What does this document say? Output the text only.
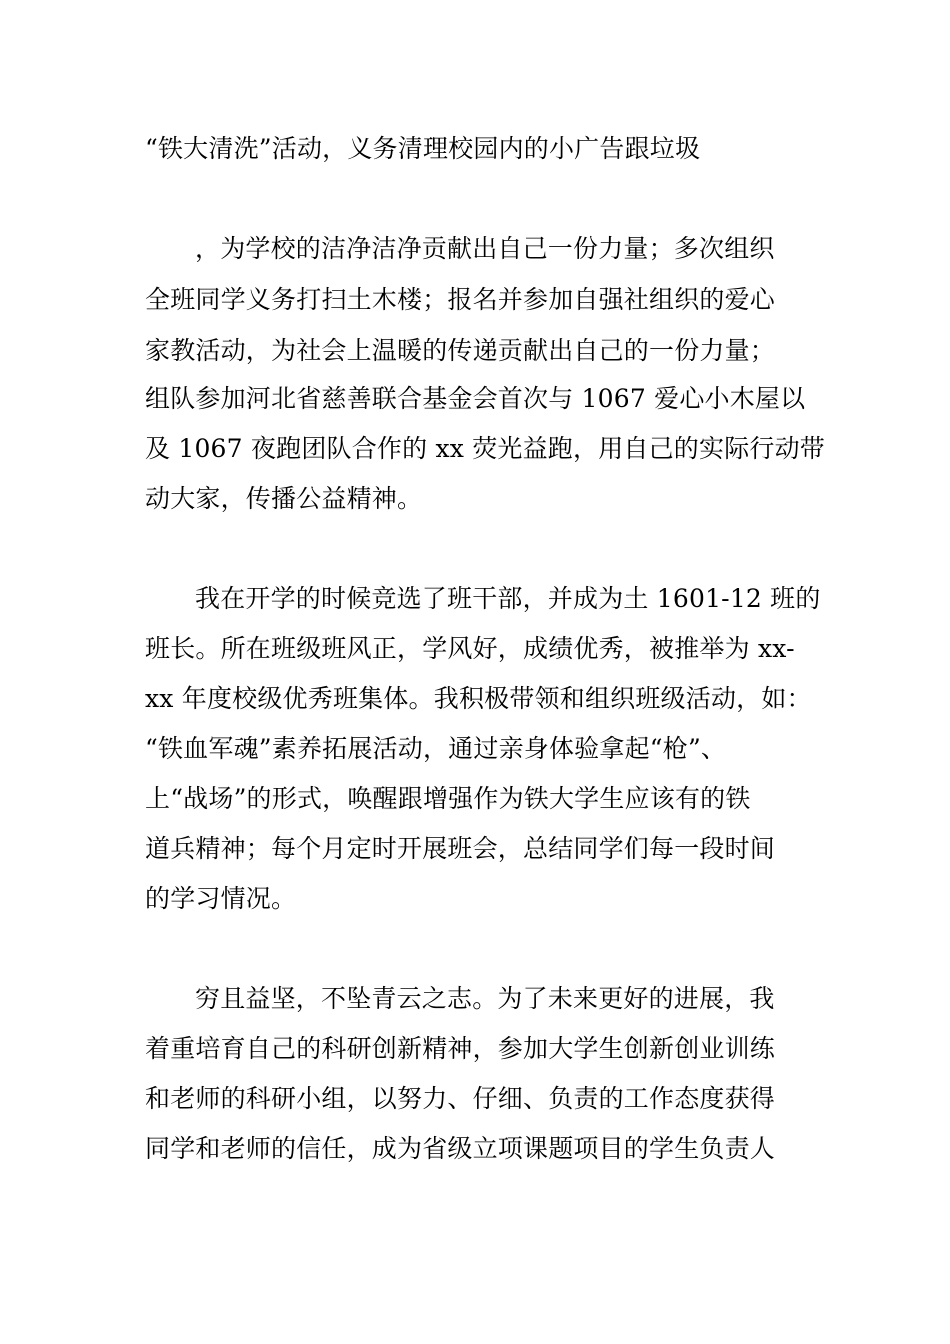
“铁大清洗”活动，义务清理校园内的小广告跟垃圾
，为学校的洁净洁净贡献出自己一份力量；多次组织
全班同学义务打扫土木楼；报名并参加自强社组织的爱心
家教活动，为社会上温暖的传递贡献出自己的一份力量；
组队参加河北省慈善联合基金会首次与 1067 爱心小木屋以
及 1067 夜跑团队合作的 xx 荧光益跑，用自己的实际行动带
动大家，传播公益精神。
我在开学的时候竞选了班干部，并成为土 1601-12 班的
班长。所在班级班风正，学风好，成绩优秀，被推举为 xx-
xx 年度校级优秀班集体。我积极带领和组织班级活动，如：
“铁血军魂”素养拓展活动，通过亲身体验拿起“枪”、
上“战场”的形式，唤醒跟增强作为铁大学生应该有的铁
道兵精神；每个月定时开展班会，总结同学们每一段时间
的学习情况。
穷且益坚，不坠青云之志。为了未来更好的进展，我
着重培育自己的科研创新精神，参加大学生创新创业训练
和老师的科研小组，以努力、仔细、负责的工作态度获得
同学和老师的信任，成为省级立项课题项目的学生负责人
